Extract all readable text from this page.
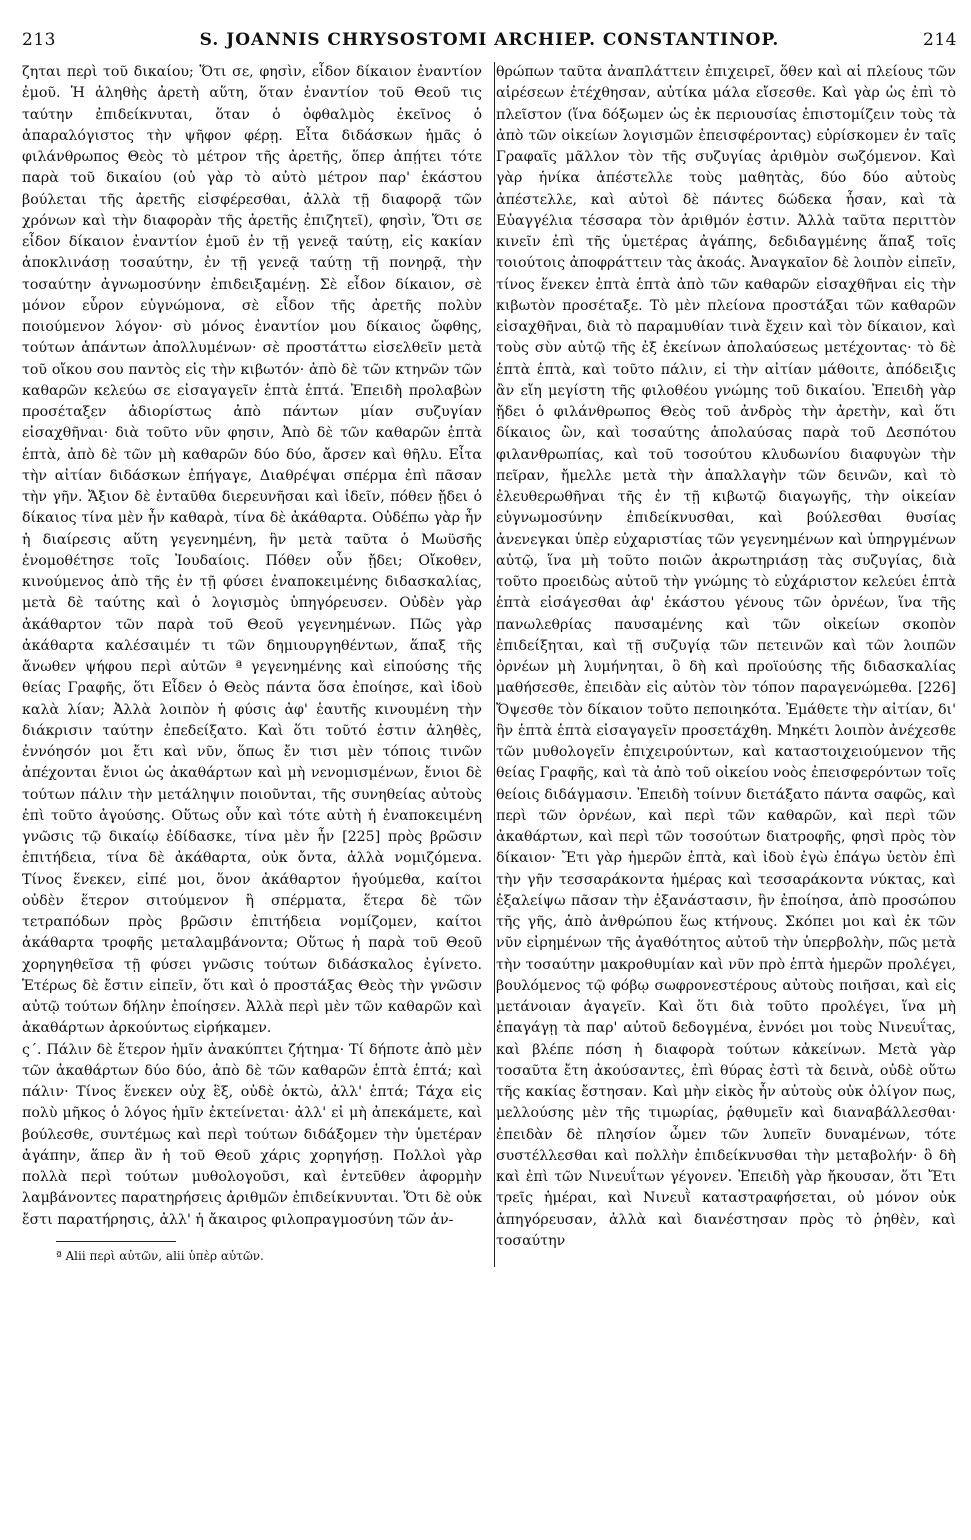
213	S. JOANNIS CHRYSOSTOMI ARCHIEP. CONSTANTINOP.	214

ζηται περὶ τοῦ δικαίου; Ὅτι σε, φησὶν, εἶδον δίκαιον ἐναντίον ἐμοῦ. Ἡ ἀληθὴς ἀρετὴ αὕτη, ὅταν ἐναντίον τοῦ Θεοῦ τις ταύτην ἐπιδείκνυται, ὅταν ὁ ὀφθαλμὸς ἐκεῖνος ὁ ἀπαραλόγιστος τὴν ψῆφον φέρῃ. Εἶτα διδάσκων ἡμᾶς ὁ φιλάνθρωπος Θεὸς τὸ μέτρον τῆς ἀρετῆς, ὅπερ ἀπῄτει τότε παρὰ τοῦ δικαίου (οὐ γὰρ τὸ αὐτὸ μέτρον παρ' ἑκάστου βούλεται τῆς ἀρετῆς εἰσφέρεσθαι, ἀλλὰ τῇ διαφορᾷ τῶν χρόνων καὶ τὴν διαφορὰν τῆς ἀρετῆς ἐπιζητεῖ), φησὶν, Ὅτι σε εἶδον δίκαιον ἐναντίον ἐμοῦ ἐν τῇ γενεᾷ ταύτῃ, εἰς κακίαν ἀποκλινάσῃ τοσαύτην, ἐν τῇ γενεᾷ ταύτῃ τῇ πονηρᾷ, τὴν τοσαύτην ἀγνωμοσύνην ἐπιδειξαμένῃ. Σὲ εἶδον δίκαιον, σὲ μόνον εὗρον εὐγνώμονα, σὲ εἶδον τῆς ἀρετῆς πολὺν ποιούμενον λόγον· σὺ μόνος ἐναντίον μου δίκαιος ὤφθης, τούτων ἁπάντων ἀπολλυμένων· σὲ προστάττω εἰσελθεῖν μετὰ τοῦ οἴκου σου παντὸς εἰς τὴν κιβωτόν· ἀπὸ δὲ τῶν κτηνῶν τῶν καθαρῶν κελεύω σε εἰσαγαγεῖν ἑπτὰ ἑπτά. Ἐπειδὴ προλαβὼν προσέταξεν ἀδιορίστως ἀπὸ πάντων μίαν συζυγίαν εἰσαχθῆναι· διὰ τοῦτο νῦν φησιν, Ἀπὸ δὲ τῶν καθαρῶν ἑπτὰ ἑπτὰ, ἀπὸ δὲ τῶν μὴ καθαρῶν δύο δύο, ἄρσεν καὶ θῆλυ. Εἶτα τὴν αἰτίαν διδάσκων ἐπήγαγε, Διαθρέψαι σπέρμα ἐπὶ πᾶσαν τὴν γῆν. Ἄξιον δὲ ἐνταῦθα διερευνῆσαι καὶ ἰδεῖν, πόθεν ᾔδει ὁ δίκαιος τίνα μὲν ἦν καθαρὰ, τίνα δὲ ἀκάθαρτα. Οὐδέπω γὰρ ἦν ἡ διαίρεσις αὕτη γεγενημένη, ἣν μετὰ ταῦτα ὁ Μωϋσῆς ἐνομοθέτησε τοῖς Ἰουδαίοις. Πόθεν οὖν ᾔδει; Οἴκοθεν, κινούμενος ἀπὸ τῆς ἐν τῇ φύσει ἐναποκειμένης διδασκαλίας, μετὰ δὲ ταύτης καὶ ὁ λογισμὸς ὑπηγόρευσεν. Οὐδὲν γὰρ ἀκάθαρτον τῶν παρὰ τοῦ Θεοῦ γεγενημένων. Πῶς γὰρ ἀκάθαρτα καλέσαιμέν τι τῶν δημιουργηθέντων, ἅπαξ τῆς ἄνωθεν ψήφου περὶ αὐτῶν ª γεγενημένης καὶ εἰπούσης τῆς θείας Γραφῆς, ὅτι Εἶδεν ὁ Θεὸς πάντα ὅσα ἐποίησε, καὶ ἰδοὺ καλὰ λίαν; Ἀλλὰ λοιπὸν ἡ φύσις ἀφ' ἑαυτῆς κινουμένη τὴν διάκρισιν ταύτην ἐπεδείξατο. Καὶ ὅτι τοῦτό ἐστιν ἀληθὲς, ἐννόησόν μοι ἔτι καὶ νῦν, ὅπως ἔν τισι μὲν τόποις τινῶν ἀπέχονται ἔνιοι ὡς ἀκαθάρτων καὶ μὴ νενομισμένων, ἔνιοι δὲ τούτων πάλιν τὴν μετάληψιν ποιοῦνται, τῆς συνηθείας αὐτοὺς ἐπὶ τοῦτο ἀγούσης. Οὕτως οὖν καὶ τότε αὐτὴ ἡ ἐναποκειμένη γνῶσις τῷ δικαίῳ ἐδίδασκε, τίνα μὲν ἦν [225] πρὸς βρῶσιν ἐπιτήδεια, τίνα δὲ ἀκάθαρτα, οὐκ ὄντα, ἀλλὰ νομιζόμενα. Τίνος ἕνεκεν, εἰπέ μοι, ὅνον ἀκάθαρτον ἡγούμεθα, καίτοι οὐδὲν ἕτερον σιτούμενον ἢ σπέρματα, ἕτερα δὲ τῶν τετραπόδων πρὸς βρῶσιν ἐπιτήδεια νομίζομεν, καίτοι ἀκάθαρτα τροφῆς μεταλαμβάνοντα; Οὕτως ἡ παρὰ τοῦ Θεοῦ χορηγηθεῖσα τῇ φύσει γνῶσις τούτων διδάσκαλος ἐγίνετο. Ἑτέρως δὲ ἔστιν εἰπεῖν, ὅτι καὶ ὁ προστάξας Θεὸς τὴν γνῶσιν αὐτῷ τούτων δήλην ἐποίησεν. Ἀλλὰ περὶ μὲν τῶν καθαρῶν καὶ ἀκαθάρτων ἀρκούντως εἰρήκαμεν.

ς΄. Πάλιν δὲ ἕτερον ἡμῖν ἀνακύπτει ζήτημα· Τί δήποτε ἀπὸ μὲν τῶν ἀκαθάρτων δύο δύο, ἀπὸ δὲ τῶν καθαρῶν ἑπτὰ ἑπτά; καὶ πάλιν· Τίνος ἕνεκεν οὐχ ἓξ, οὐδὲ ὀκτὼ, ἀλλ' ἑπτά; Τάχα εἰς πολὺ μῆκος ὁ λόγος ἡμῖν ἐκτείνεται· ἀλλ' εἰ μὴ ἀπεκάμετε, καὶ βούλεσθε, συντέμως καὶ περὶ τούτων διδάξομεν τὴν ὑμετέραν ἀγάπην, ἅπερ ἂν ἡ τοῦ Θεοῦ χάρις χορηγήσῃ. Πολλοὶ γὰρ πολλὰ περὶ τούτων μυθολογοῦσι, καὶ ἐντεῦθεν ἀφορμὴν λαμβάνοντες παρατηρήσεις ἀριθμῶν ἐπιδείκνυνται. Ὅτι δὲ οὐκ ἔστι παρατήρησις, ἀλλ' ἡ ἄκαιρος φιλοπραγμοσύνη τῶν ἀν-

ª Alii περὶ αὐτῶν, alii ὑπὲρ αὐτῶν.

θρώπων ταῦτα ἀναπλάττειν ἐπιχειρεῖ, ὅθεν καὶ αἱ πλείους τῶν αἱρέσεων ἐτέχθησαν, αὐτίκα μάλα εἴσεσθε. Καὶ γὰρ ὡς ἐπὶ τὸ πλεῖστον (ἵνα δόξωμεν ὡς ἐκ περιουσίας ἐπιστομίζειν τοὺς τὰ ἀπὸ τῶν οἰκείων λογισμῶν ἐπεισφέροντας) εὑρίσκομεν ἐν ταῖς Γραφαῖς μᾶλλον τὸν τῆς συζυγίας ἀριθμὸν σωζόμενον. Καὶ γὰρ ἡνίκα ἀπέστελλε τοὺς μαθητὰς, δύο δύο αὐτοὺς ἀπέστελλε, καὶ αὐτοὶ δὲ πάντες δώδεκα ἦσαν, καὶ τὰ Εὐαγγέλια τέσσαρα τὸν ἀριθμόν ἐστιν. Ἀλλὰ ταῦτα περιττὸν κινεῖν ἐπὶ τῆς ὑμετέρας ἀγάπης, δεδιδαγμένης ἅπαξ τοῖς τοιούτοις ἀποφράττειν τὰς ἀκοάς. Ἀναγκαῖον δὲ λοιπὸν εἰπεῖν, τίνος ἕνεκεν ἑπτὰ ἑπτὰ ἀπὸ τῶν καθαρῶν εἰσαχθῆναι εἰς τὴν κιβωτὸν προσέταξε. Τὸ μὲν πλείονα προστάξαι τῶν καθαρῶν εἰσαχθῆναι, διὰ τὸ παραμυθίαν τινὰ ἔχειν καὶ τὸν δίκαιον, καὶ τοὺς σὺν αὐτῷ τῆς ἐξ ἐκείνων ἀπολαύσεως μετέχοντας· τὸ δὲ ἑπτὰ ἑπτὰ, καὶ τοῦτο πάλιν, εἰ τὴν αἰτίαν μάθοιτε, ἀπόδειξις ἂν εἴη μεγίστη τῆς φιλοθέου γνώμης τοῦ δικαίου. Ἐπειδὴ γὰρ ᾔδει ὁ φιλάνθρωπος Θεὸς τοῦ ἀνδρὸς τὴν ἀρετὴν, καὶ ὅτι δίκαιος ὢν, καὶ τοσαύτης ἀπολαύσας παρὰ τοῦ Δεσπότου φιλανθρωπίας, καὶ τοῦ τοσούτου κλυδωνίου διαφυγὼν τὴν πεῖραν, ἤμελλε μετὰ τὴν ἀπαλλαγὴν τῶν δεινῶν, καὶ τὸ ἐλευθερωθῆναι τῆς ἐν τῇ κιβωτῷ διαγωγῆς, τὴν οἰκείαν εὐγνωμοσύνην ἐπιδείκνυσθαι, καὶ βούλεσθαι θυσίας ἀνενεγκαι ὑπὲρ εὐχαριστίας τῶν γεγενημένων καὶ ὑπηργμένων αὐτῷ, ἵνα μὴ τοῦτο ποιῶν ἀκρωτηριάσῃ τὰς συζυγίας, διὰ τοῦτο προειδὼς αὐτοῦ τὴν γνώμης τὸ εὐχάριστον κελεύει ἑπτὰ ἑπτὰ εἰσάγεσθαι ἀφ' ἑκάστου γένους τῶν ὀρνέων, ἵνα τῆς πανωλεθρίας παυσαμένης καὶ τῶν οἰκείων σκοπὸν ἐπιδείξηται, καὶ τῇ συζυγίᾳ τῶν πετεινῶν καὶ τῶν λοιπῶν ὀρνέων μὴ λυμήνηται, ὃ δὴ καὶ προϊούσης τῆς διδασκαλίας μαθήσεσθε, ἐπειδὰν εἰς αὐτὸν τὸν τόπον παραγενώμεθα. [226] Ὄψεσθε τὸν δίκαιον τοῦτο πεποιηκότα. Ἐμάθετε τὴν αἰτίαν, δι' ἣν ἑπτὰ ἑπτὰ εἰσαγαγεῖν προσετάχθη. Μηκέτι λοιπὸν ἀνέχεσθε τῶν μυθολογεῖν ἐπιχειρούντων, καὶ καταστοιχειούμενον τῆς θείας Γραφῆς, καὶ τὰ ἀπὸ τοῦ οἰκείου νοὸς ἐπεισφερόντων τοῖς θείοις διδάγμασιν. Ἐπειδὴ τοίνυν διετάξατο πάντα σαφῶς, καὶ περὶ τῶν ὀρνέων, καὶ περὶ τῶν καθαρῶν, καὶ περὶ τῶν ἀκαθάρτων, καὶ περὶ τῶν τοσούτων διατροφῆς, φησὶ πρὸς τὸν δίκαιον· Ἔτι γὰρ ἡμερῶν ἑπτὰ, καὶ ἰδοὺ ἐγὼ ἐπάγω ὑετὸν ἐπὶ τὴν γῆν τεσσαράκοντα ἡμέρας καὶ τεσσαράκοντα νύκτας, καὶ ἐξαλείψω πᾶσαν τὴν ἐξανάστασιν, ἣν ἐποίησα, ἀπὸ προσώπου τῆς γῆς, ἀπὸ ἀνθρώπου ἕως κτήνους. Σκόπει μοι καὶ ἐκ τῶν νῦν εἰρημένων τῆς ἀγαθότητος αὐτοῦ τὴν ὑπερβολὴν, πῶς μετὰ τὴν τοσαύτην μακροθυμίαν καὶ νῦν πρὸ ἑπτὰ ἡμερῶν προλέγει, βουλόμενος τῷ φόβῳ σωφρονεστέρους αὐτοὺς ποιῆσαι, καὶ εἰς μετάνοιαν ἀγαγεῖν. Καὶ ὅτι διὰ τοῦτο προλέγει, ἵνα μὴ ἐπαγάγῃ τὰ παρ' αὐτοῦ δεδογμένα, ἐννόει μοι τοὺς Νινευΐτας, καὶ βλέπε πόση ἡ διαφορὰ τούτων κἀκείνων. Μετὰ γὰρ τοσαῦτα ἔτη ἀκούσαντες, ἐπὶ θύρας ἐστὶ τὰ δεινὰ, οὐδὲ οὕτω τῆς κακίας ἔστησαν. Καὶ μὴν εἰκὸς ἦν αὐτοὺς οὐκ ὀλίγον πως, μελλούσης μὲν τῆς τιμωρίας, ῥᾳθυμεῖν καὶ διαναβάλλεσθαι· ἐπειδὰν δὲ πλησίον ὦμεν τῶν λυπεῖν δυναμένων, τότε συστέλλεσθαι καὶ πολλὴν ἐπιδείκνυσθαι τὴν μεταβολήν· ὃ δὴ καὶ ἐπὶ τῶν Νινευΐτων γέγονεν. Ἐπειδὴ γὰρ ἤκουσαν, ὅτι Ἔτι τρεῖς ἡμέραι, καὶ Νινευῒ καταστραφήσεται, οὐ μόνον οὐκ ἀπηγόρευσαν, ἀλλὰ καὶ διανέστησαν πρὸς τὸ ῥηθὲν, καὶ τοσαύτην
